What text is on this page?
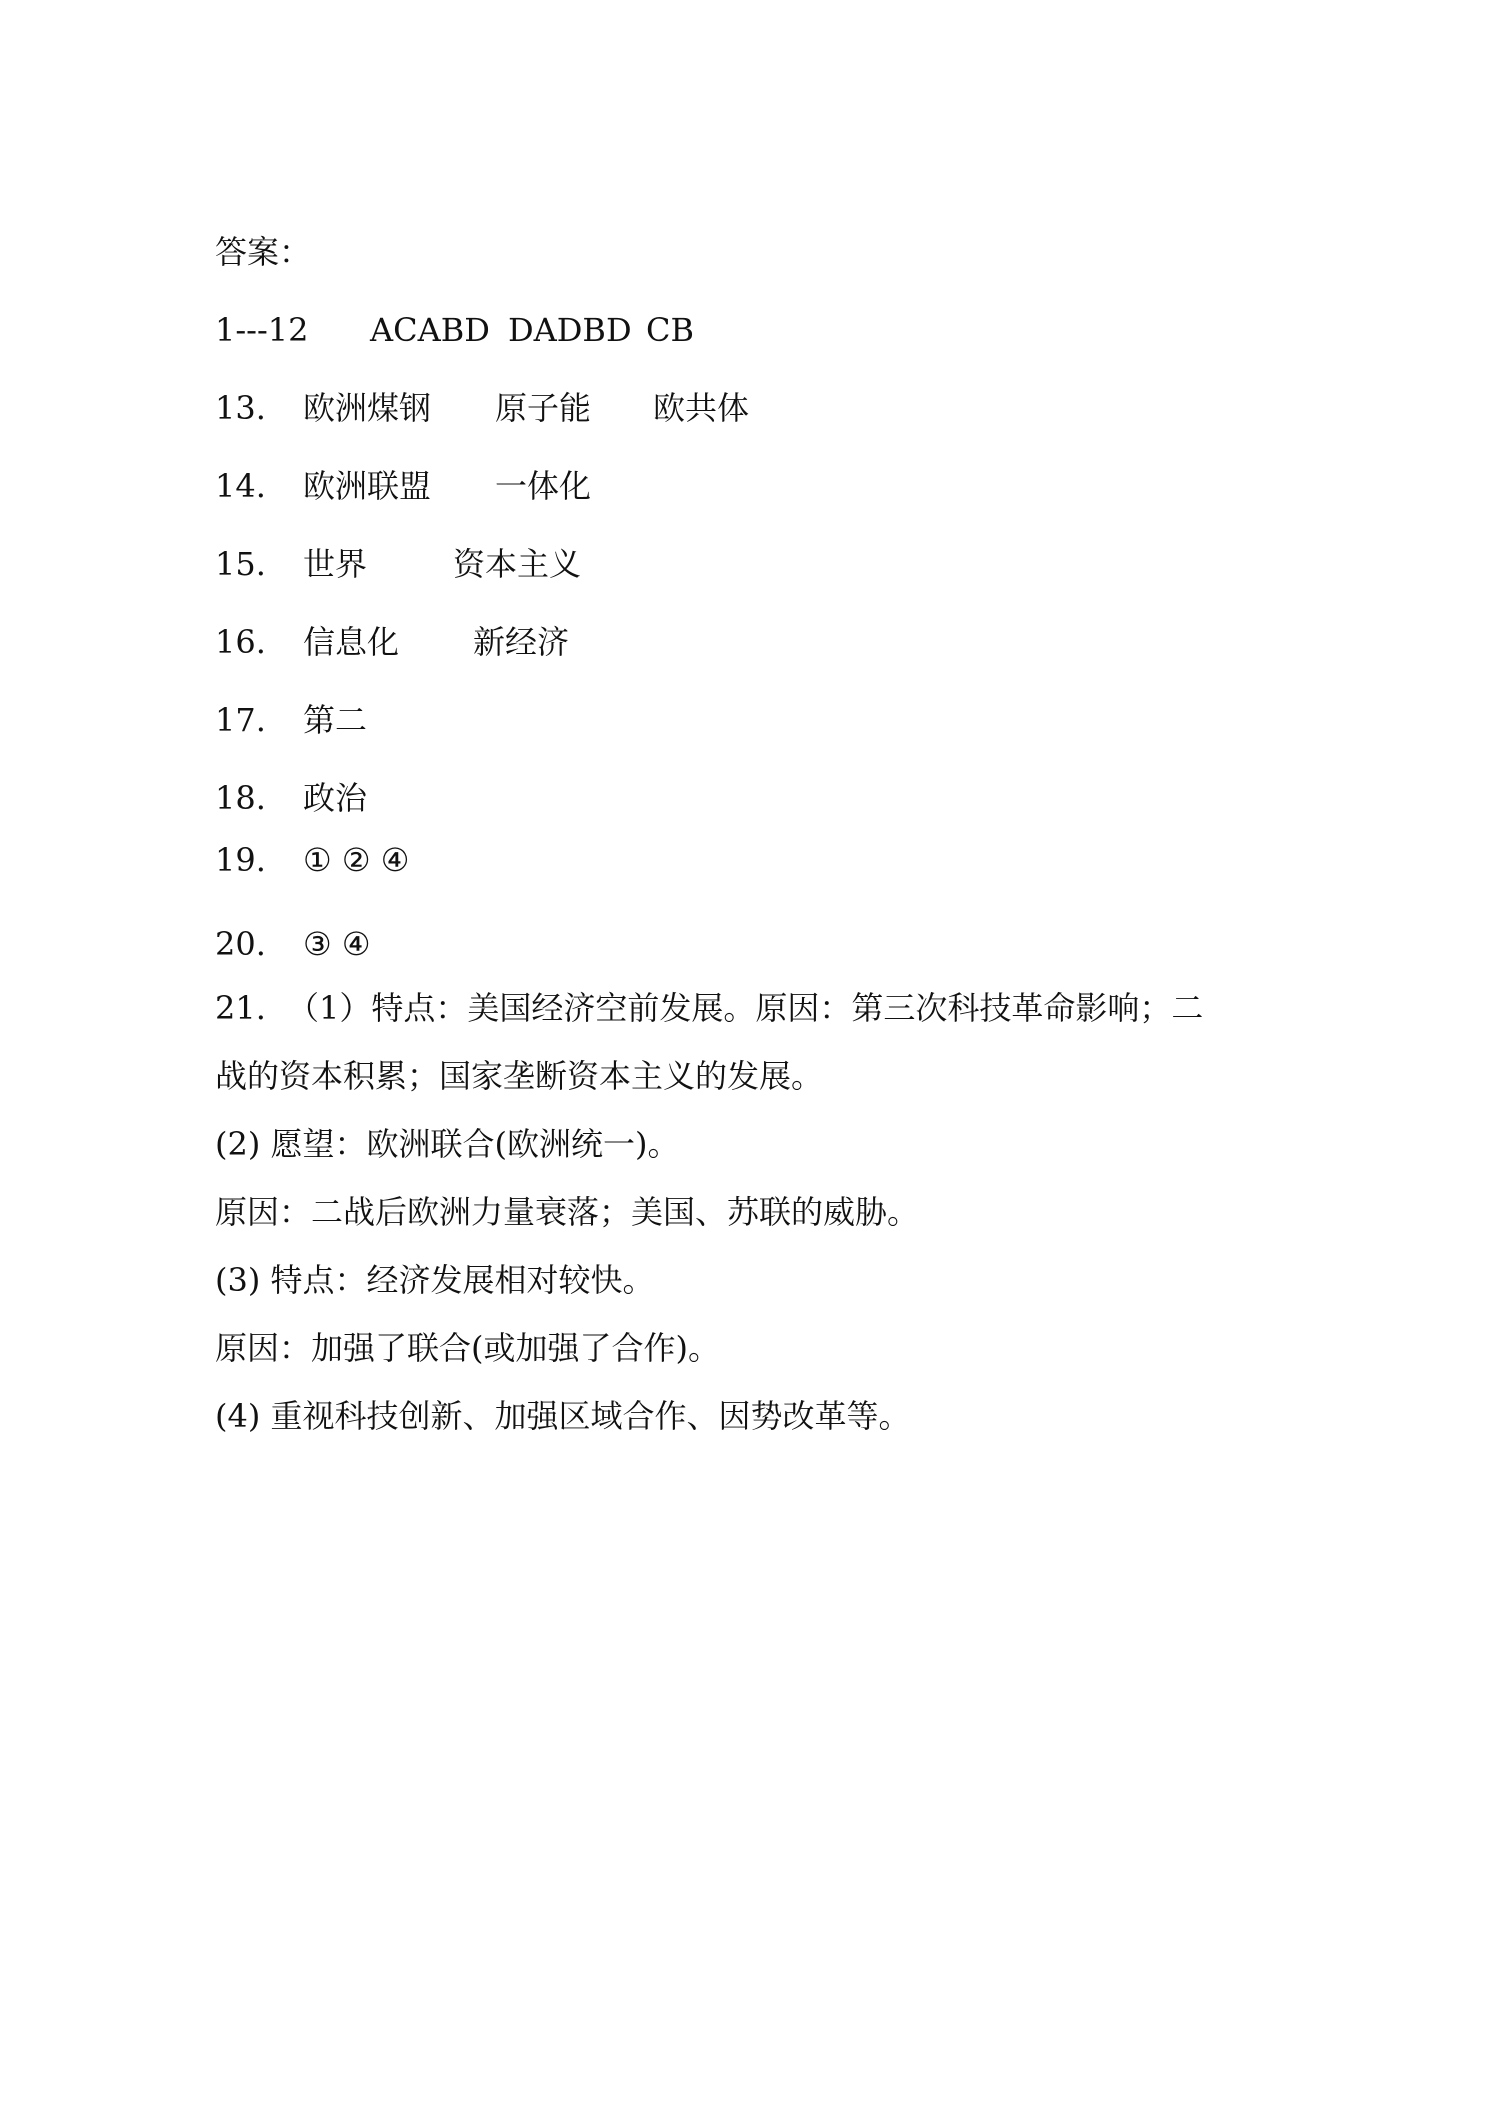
答案：
1---12 ACABD DADBD CB
13. 欧洲煤钢 原子能 欧共体
14. 欧洲联盟 一体化
15. 世界	资本主义
16. 信息化 新经济
17. 第二
18. 政治
19. ① ② ④
20. ③ ④
21. （1）特点：美国经济空前发展。原因：第三次科技革命影响；二
战的资本积累；国家垄断资本主义的发展。
(2) 愿望：欧洲联合(欧洲统一)。
原因：二战后欧洲力量衰落；美国、苏联的威胁。
(3) 特点：经济发展相对较快。
原因：加强了联合(或加强了合作)。
(4) 重视科技创新、加强区域合作、因势改革等。
